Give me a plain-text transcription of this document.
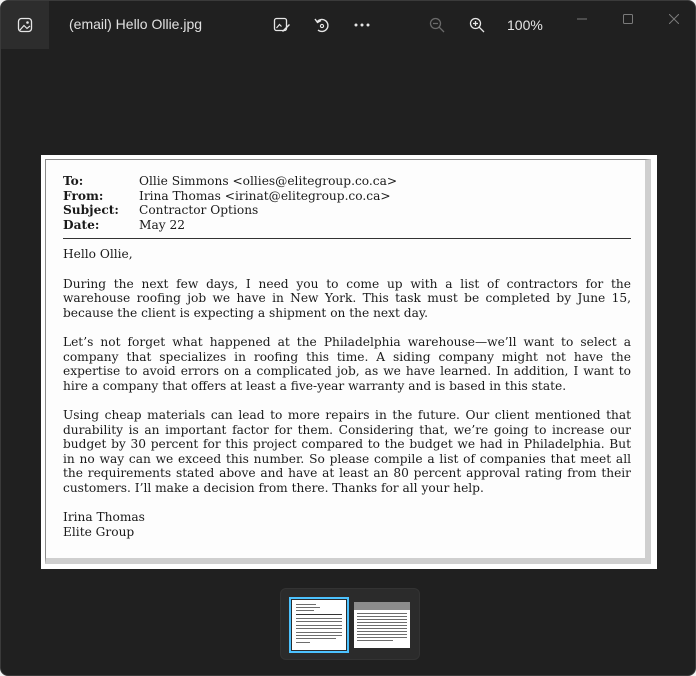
(email) Hello Ollie.jpg	100%
To:	Ollie Simmons <ollies@elitegroup.co.ca>
From:	Irina Thomas <irinat@elitegroup.co.ca>
Subject:	Contractor Options
Date:	May 22

Hello Ollie,

During the next few days, I need you to come up with a list of contractors for the warehouse roofing job we have in New York. This task must be completed by June 15, because the client is expecting a shipment on the next day.

Let’s not forget what happened at the Philadelphia warehouse—we’ll want to select a company that specializes in roofing this time. A siding company might not have the expertise to avoid errors on a complicated job, as we have learned. In addition, I want to hire a company that offers at least a five-year warranty and is based in this state.

Using cheap materials can lead to more repairs in the future. Our client mentioned that durability is an important factor for them. Considering that, we’re going to increase our budget by 30 percent for this project compared to the budget we had in Philadelphia. But in no way can we exceed this number. So please compile a list of companies that meet all the requirements stated above and have at least an 80 percent approval rating from their customers. I’ll make a decision from there. Thanks for all your help.

Irina Thomas

Elite Group
